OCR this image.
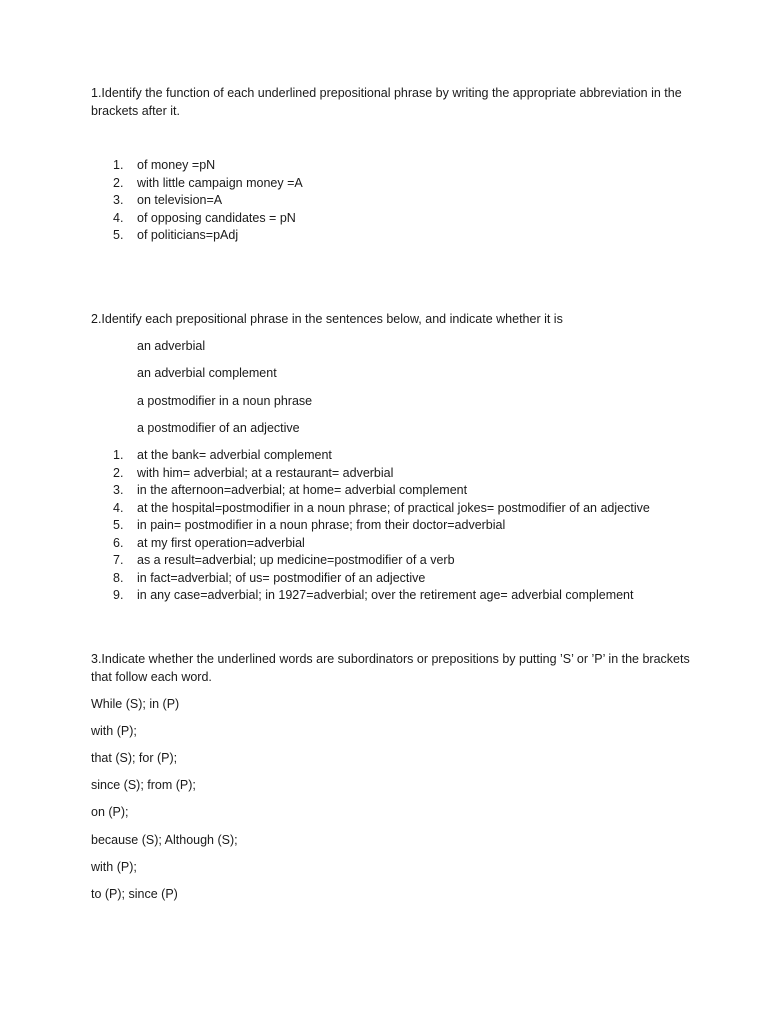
1.Identify the function of each underlined prepositional phrase by writing the appropriate abbreviation in the brackets after it.

1. of money =pN
2. with little campaign money =A
3. on television=A
4. of opposing candidates = pN
5. of politicians=pAdj

2.Identify each prepositional phrase in the sentences below, and indicate whether it is

an adverbial

an adverbial complement

a postmodifier in a noun phrase

a postmodifier of an adjective

1. at the bank= adverbial complement
2. with him= adverbial; at a restaurant= adverbial
3. in the afternoon=adverbial; at home= adverbial complement
4. at the hospital=postmodifier in a noun phrase; of practical jokes= postmodifier of an adjective
5. in pain= postmodifier in a noun phrase; from their doctor=adverbial
6. at my first operation=adverbial
7. as a result=adverbial; up medicine=postmodifier of a verb
8. in fact=adverbial; of us= postmodifier of an adjective
9. in any case=adverbial; in 1927=adverbial; over the retirement age= adverbial complement

3.Indicate whether the underlined words are subordinators or prepositions by putting ’S’ or ’P’ in the brackets that follow each word.

While (S); in (P)

with (P);

that (S); for (P);

since (S); from (P);

on (P);

because (S); Although (S);

with (P);

to (P); since (P)
